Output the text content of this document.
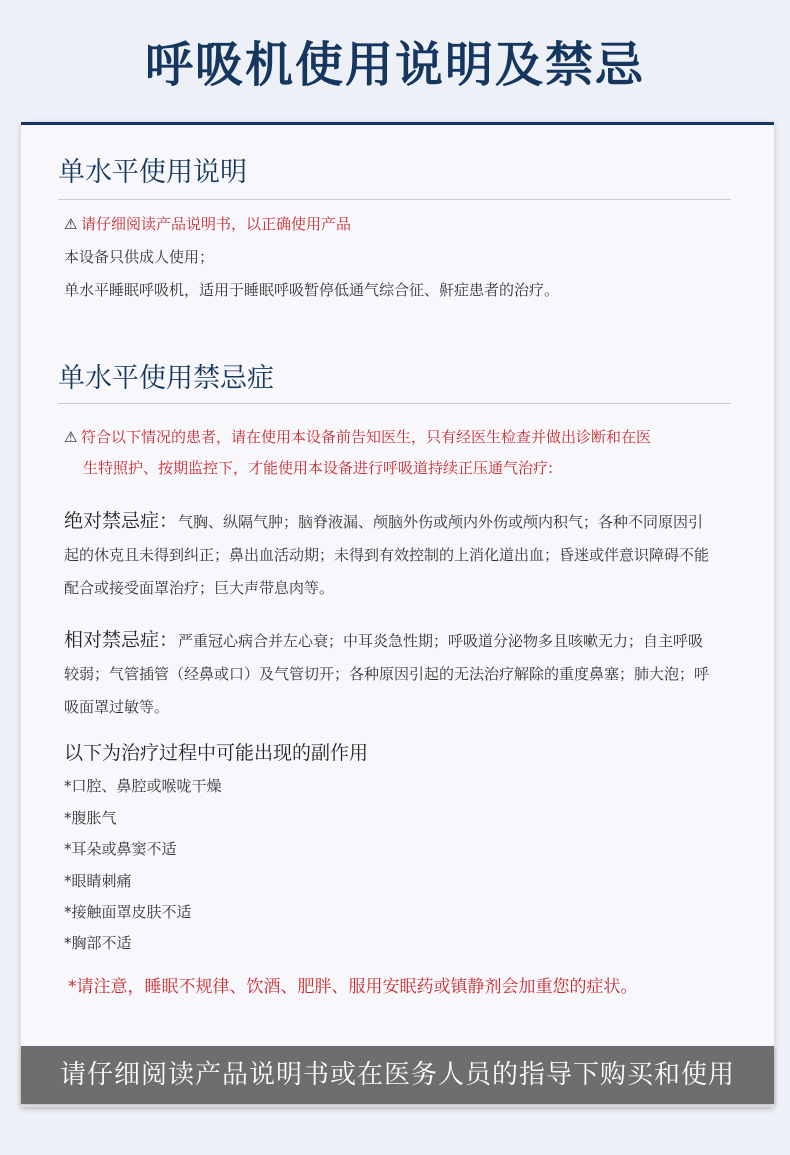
呼吸机使用说明及禁忌
单水平使用说明
⚠ 请仔细阅读产品说明书，以正确使用产品
本设备只供成人使用；
单水平睡眠呼吸机，适用于睡眠呼吸暂停低通气综合征、鼾症患者的治疗。
单水平使用禁忌症
⚠ 符合以下情况的患者，请在使用本设备前告知医生，只有经医生检查并做出诊断和在医
生特照护、按期监控下，才能使用本设备进行呼吸道持续正压通气治疗:
绝对禁忌症：气胸、纵隔气肿；脑脊液漏、颅脑外伤或颅内外伤或颅内积气；各种不同原因引起的休克且未得到纠正；鼻出血活动期；未得到有效控制的上消化道出血；昏迷或伴意识障碍不能配合或接受面罩治疗；巨大声带息肉等。
相对禁忌症：严重冠心病合并左心衰；中耳炎急性期；呼吸道分泌物多且咳嗽无力；自主呼吸较弱；气管插管（经鼻或口）及气管切开；各种原因引起的无法治疗解除的重度鼻塞；肺大泡；呼吸面罩过敏等。
以下为治疗过程中可能出现的副作用
*口腔、鼻腔或喉咙干燥
*腹胀气
*耳朵或鼻窦不适
*眼睛刺痛
*接触面罩皮肤不适
*胸部不适
*请注意，睡眠不规律、饮酒、肥胖、服用安眠药或镇静剂会加重您的症状。
请仔细阅读产品说明书或在医务人员的指导下购买和使用
